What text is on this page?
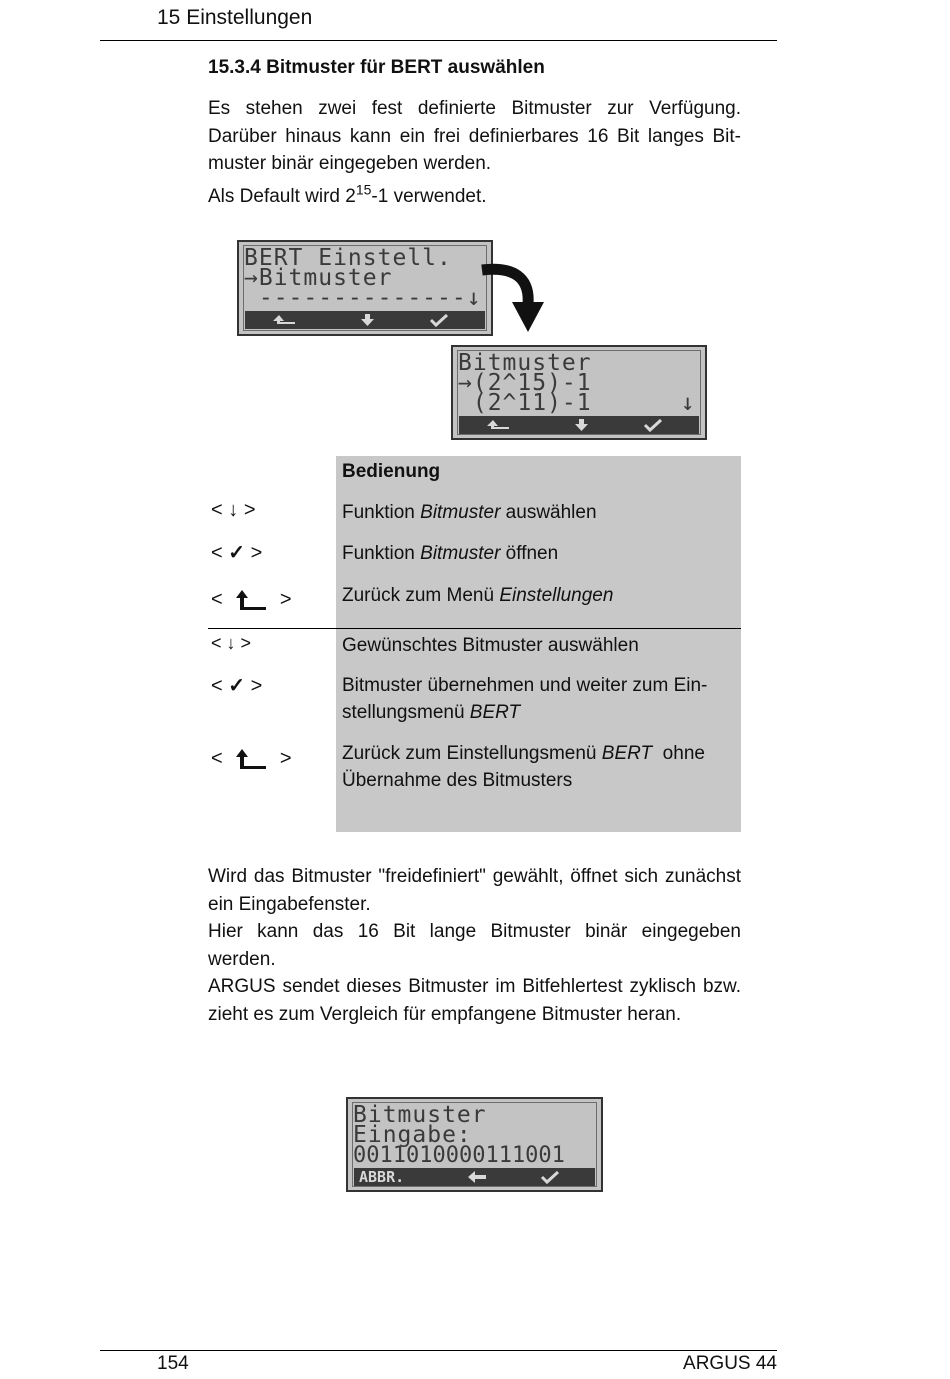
15 Einstellungen
15.3.4 Bitmuster für BERT auswählen
Es stehen zwei fest definierte Bitmuster zur Verfügung. Darüber hinaus kann ein frei definierbares 16 Bit langes Bit-muster binär eingegeben werden.
Als Default wird $2^{15}-1$ verwendet.
BERT Einstell.
→Bitmuster
--------------↓
Bitmuster
→(2^15)-1
(2^11)-1      ↓
Bedienung
< ↓ >	Funktion Bitmuster auswählen
< ✓ >	Funktion Bitmuster öffnen
<	>	Zurück zum Menü Einstellungen
< ↓ >	Gewünschtes Bitmuster auswählen
< ✓ >	Bitmuster übernehmen und weiter zum Ein-
stellungsmenü BERT
<	>	Zurück zum Einstellungsmenü BERT  ohne
Übernahme des Bitmusters
Wird das Bitmuster "freidefiniert" gewählt, öffnet sich zunächst ein Eingabefenster.
Hier kann das 16 Bit lange Bitmuster binär eingegeben werden.
ARGUS sendet dieses Bitmuster im Bitfehlertest zyklisch bzw. zieht es zum Vergleich für empfangene Bitmuster heran.
Bitmuster
Eingabe:
0011010000111001
ABBR.
154	ARGUS 44
